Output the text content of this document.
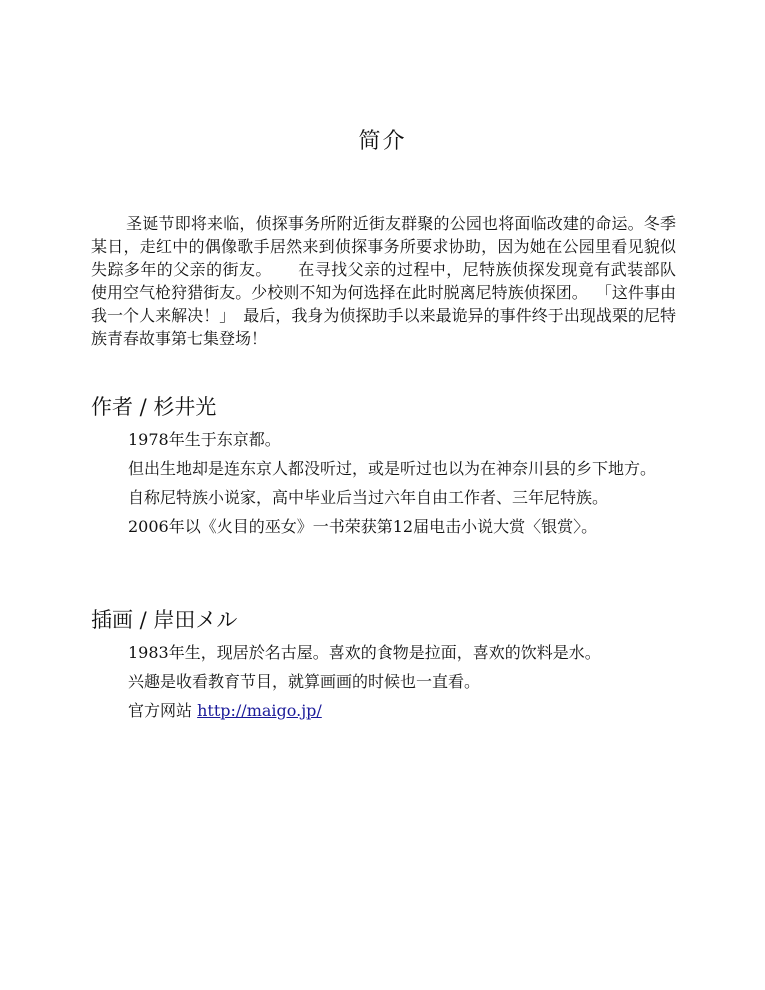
简介

圣诞节即将来临，侦探事务所附近街友群聚的公园也将面临改建的命运。冬季某日，走红中的偶像歌手居然来到侦探事务所要求协助，因为她在公园里看见貌似失踪多年的父亲的街友。 在寻找父亲的过程中，尼特族侦探发现竟有武装部队使用空气枪狩猎街友。少校则不知为何选择在此时脱离尼特族侦探团。 「这件事由我一个人来解决！」 最后，我身为侦探助手以来最诡异的事件终于出现战栗的尼特族青春故事第七集登场！

作者 / 杉井光

1978年生于东京都。

但出生地却是连东京人都没听过，或是听过也以为在神奈川县的乡下地方。

自称尼特族小说家，高中毕业后当过六年自由工作者、三年尼特族。

2006年以《火目的巫女》一书荣获第12届电击小说大赏〈银赏〉。

插画 / 岸田メル

1983年生，现居於名古屋。喜欢的食物是拉面，喜欢的饮料是水。

兴趣是收看教育节目，就算画画的时候也一直看。

官方网站 http://maigo.jp/
